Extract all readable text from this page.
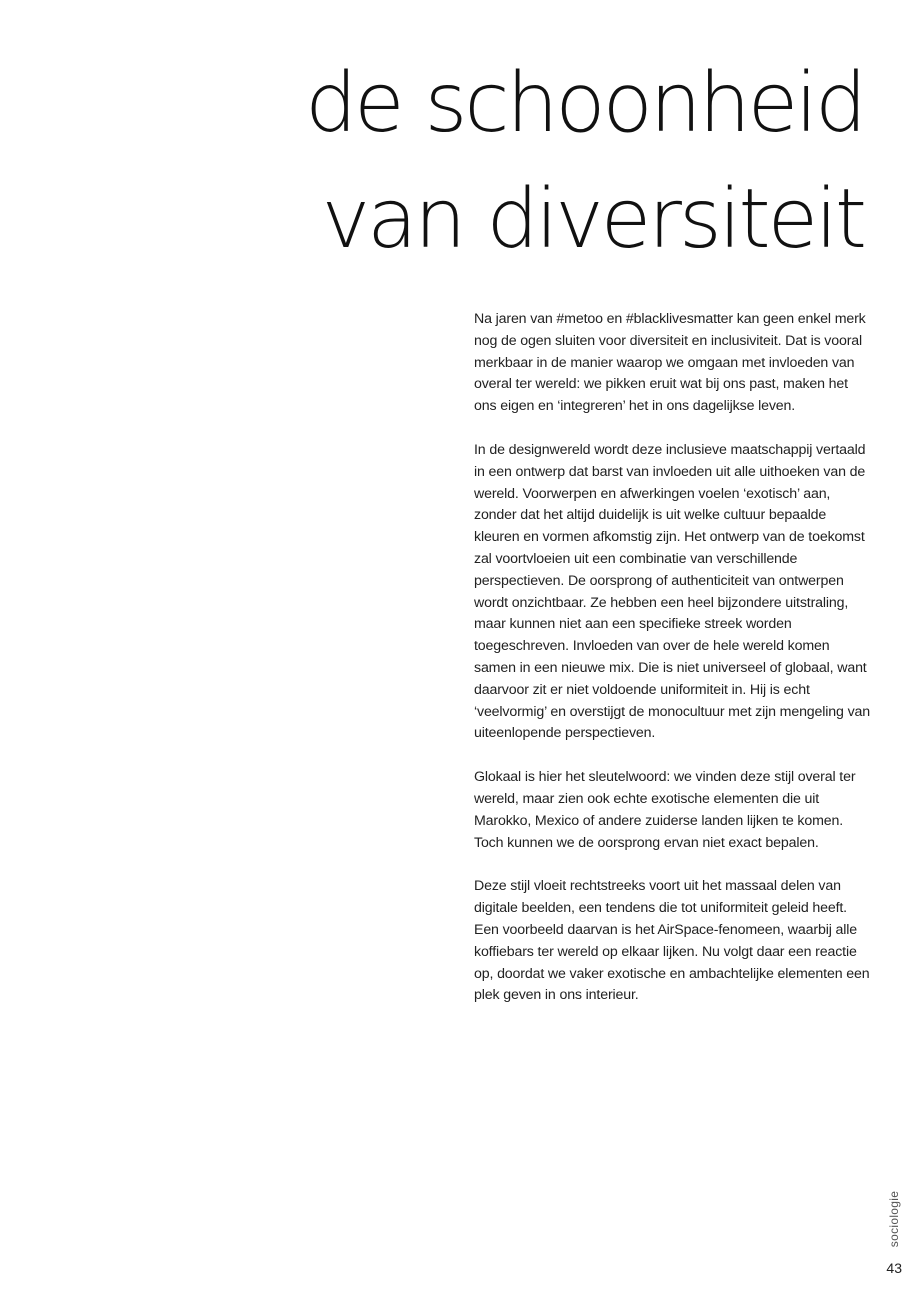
de schoonheid
van diversiteit

Na jaren van #metoo en #blacklivesmatter kan geen enkel merk nog de ogen sluiten voor diversiteit en inclusiviteit. Dat is vooral merkbaar in de manier waarop we omgaan met invloeden van overal ter wereld: we pikken eruit wat bij ons past, maken het ons eigen en ‘integreren’ het in ons dagelijkse leven.

In de designwereld wordt deze inclusieve maatschappij vertaald in een ontwerp dat barst van invloeden uit alle uithoeken van de wereld. Voorwerpen en afwerkingen voelen ‘exotisch’ aan, zonder dat het altijd duidelijk is uit welke cultuur bepaalde kleuren en vormen afkomstig zijn. Het ontwerp van de toekomst zal voortvloeien uit een combinatie van verschillende perspectieven. De oorsprong of authenticiteit van ontwerpen wordt onzichtbaar. Ze hebben een heel bijzondere uitstraling, maar kunnen niet aan een specifieke streek worden toegeschreven. Invloeden van over de hele wereld komen samen in een nieuwe mix. Die is niet universeel of globaal, want daarvoor zit er niet voldoende uniformiteit in. Hij is echt ‘veelvormig’ en overstijgt de monocultuur met zijn mengeling van uiteenlopende perspectieven.

Glokaal is hier het sleutelwoord: we vinden deze stijl overal ter wereld, maar zien ook echte exotische elementen die uit Marokko, Mexico of andere zuiderse landen lijken te komen. Toch kunnen we de oorsprong ervan niet exact bepalen.

Deze stijl vloeit rechtstreeks voort uit het massaal delen van digitale beelden, een tendens die tot uniformiteit geleid heeft. Een voorbeeld daarvan is het AirSpace-fenomeen, waarbij alle koffiebars ter wereld op elkaar lijken. Nu volgt daar een reactie op, doordat we vaker exotische en ambachtelijke elementen een plek geven in ons interieur.

sociologie
43
